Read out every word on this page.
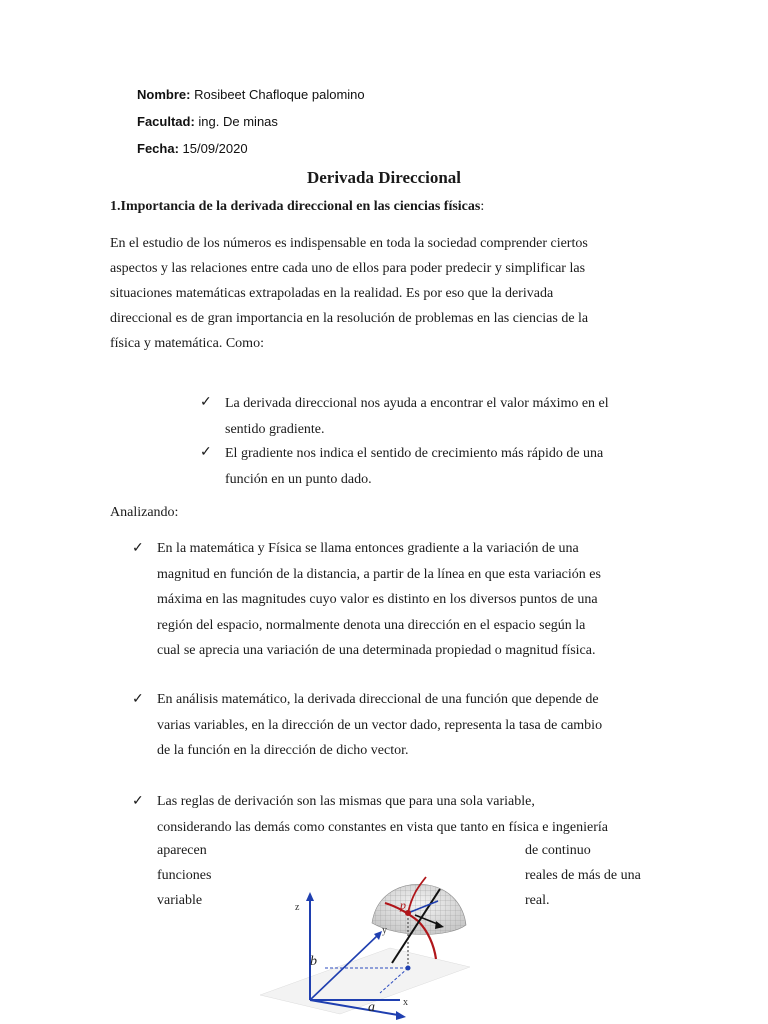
Nombre: Rosibeet Chafloque palomino
Facultad: ing. De minas
Fecha: 15/09/2020
Derivada Direccional
1.Importancia de la derivada direccional en las ciencias físicas:
En el estudio de los números es indispensable en toda la sociedad comprender ciertos
aspectos y las relaciones entre cada uno de ellos para poder predecir y simplificar las
situaciones matemáticas extrapoladas en la realidad. Es por eso que la derivada
direccional es de gran importancia en la resolución de problemas en las ciencias de la
física y matemática. Como:
✓ La derivada direccional nos ayuda a encontrar el valor máximo en el
sentido gradiente.
✓ El gradiente nos indica el sentido de crecimiento más rápido de una
función en un punto dado.
Analizando:
✓ En la matemática y Física se llama entonces gradiente a la variación de una
magnitud en función de la distancia, a partir de la línea en que esta variación es
máxima en las magnitudes cuyo valor es distinto en los diversos puntos de una
región del espacio, normalmente denota una dirección en el espacio según la
cual se aprecia una variación de una determinada propiedad o magnitud física.
✓ En análisis matemático, la derivada direccional de una función que depende de
varias variables, en la dirección de un vector dado, representa la tasa de cambio
de la función en la dirección de dicho vector.
✓ Las reglas de derivación son las mismas que para una sola variable,
considerando las demás como constantes en vista que tanto en física e ingeniería
aparecen
funciones
variable
de continuo
reales de más de una
real.
z
x
y
b
a
p
